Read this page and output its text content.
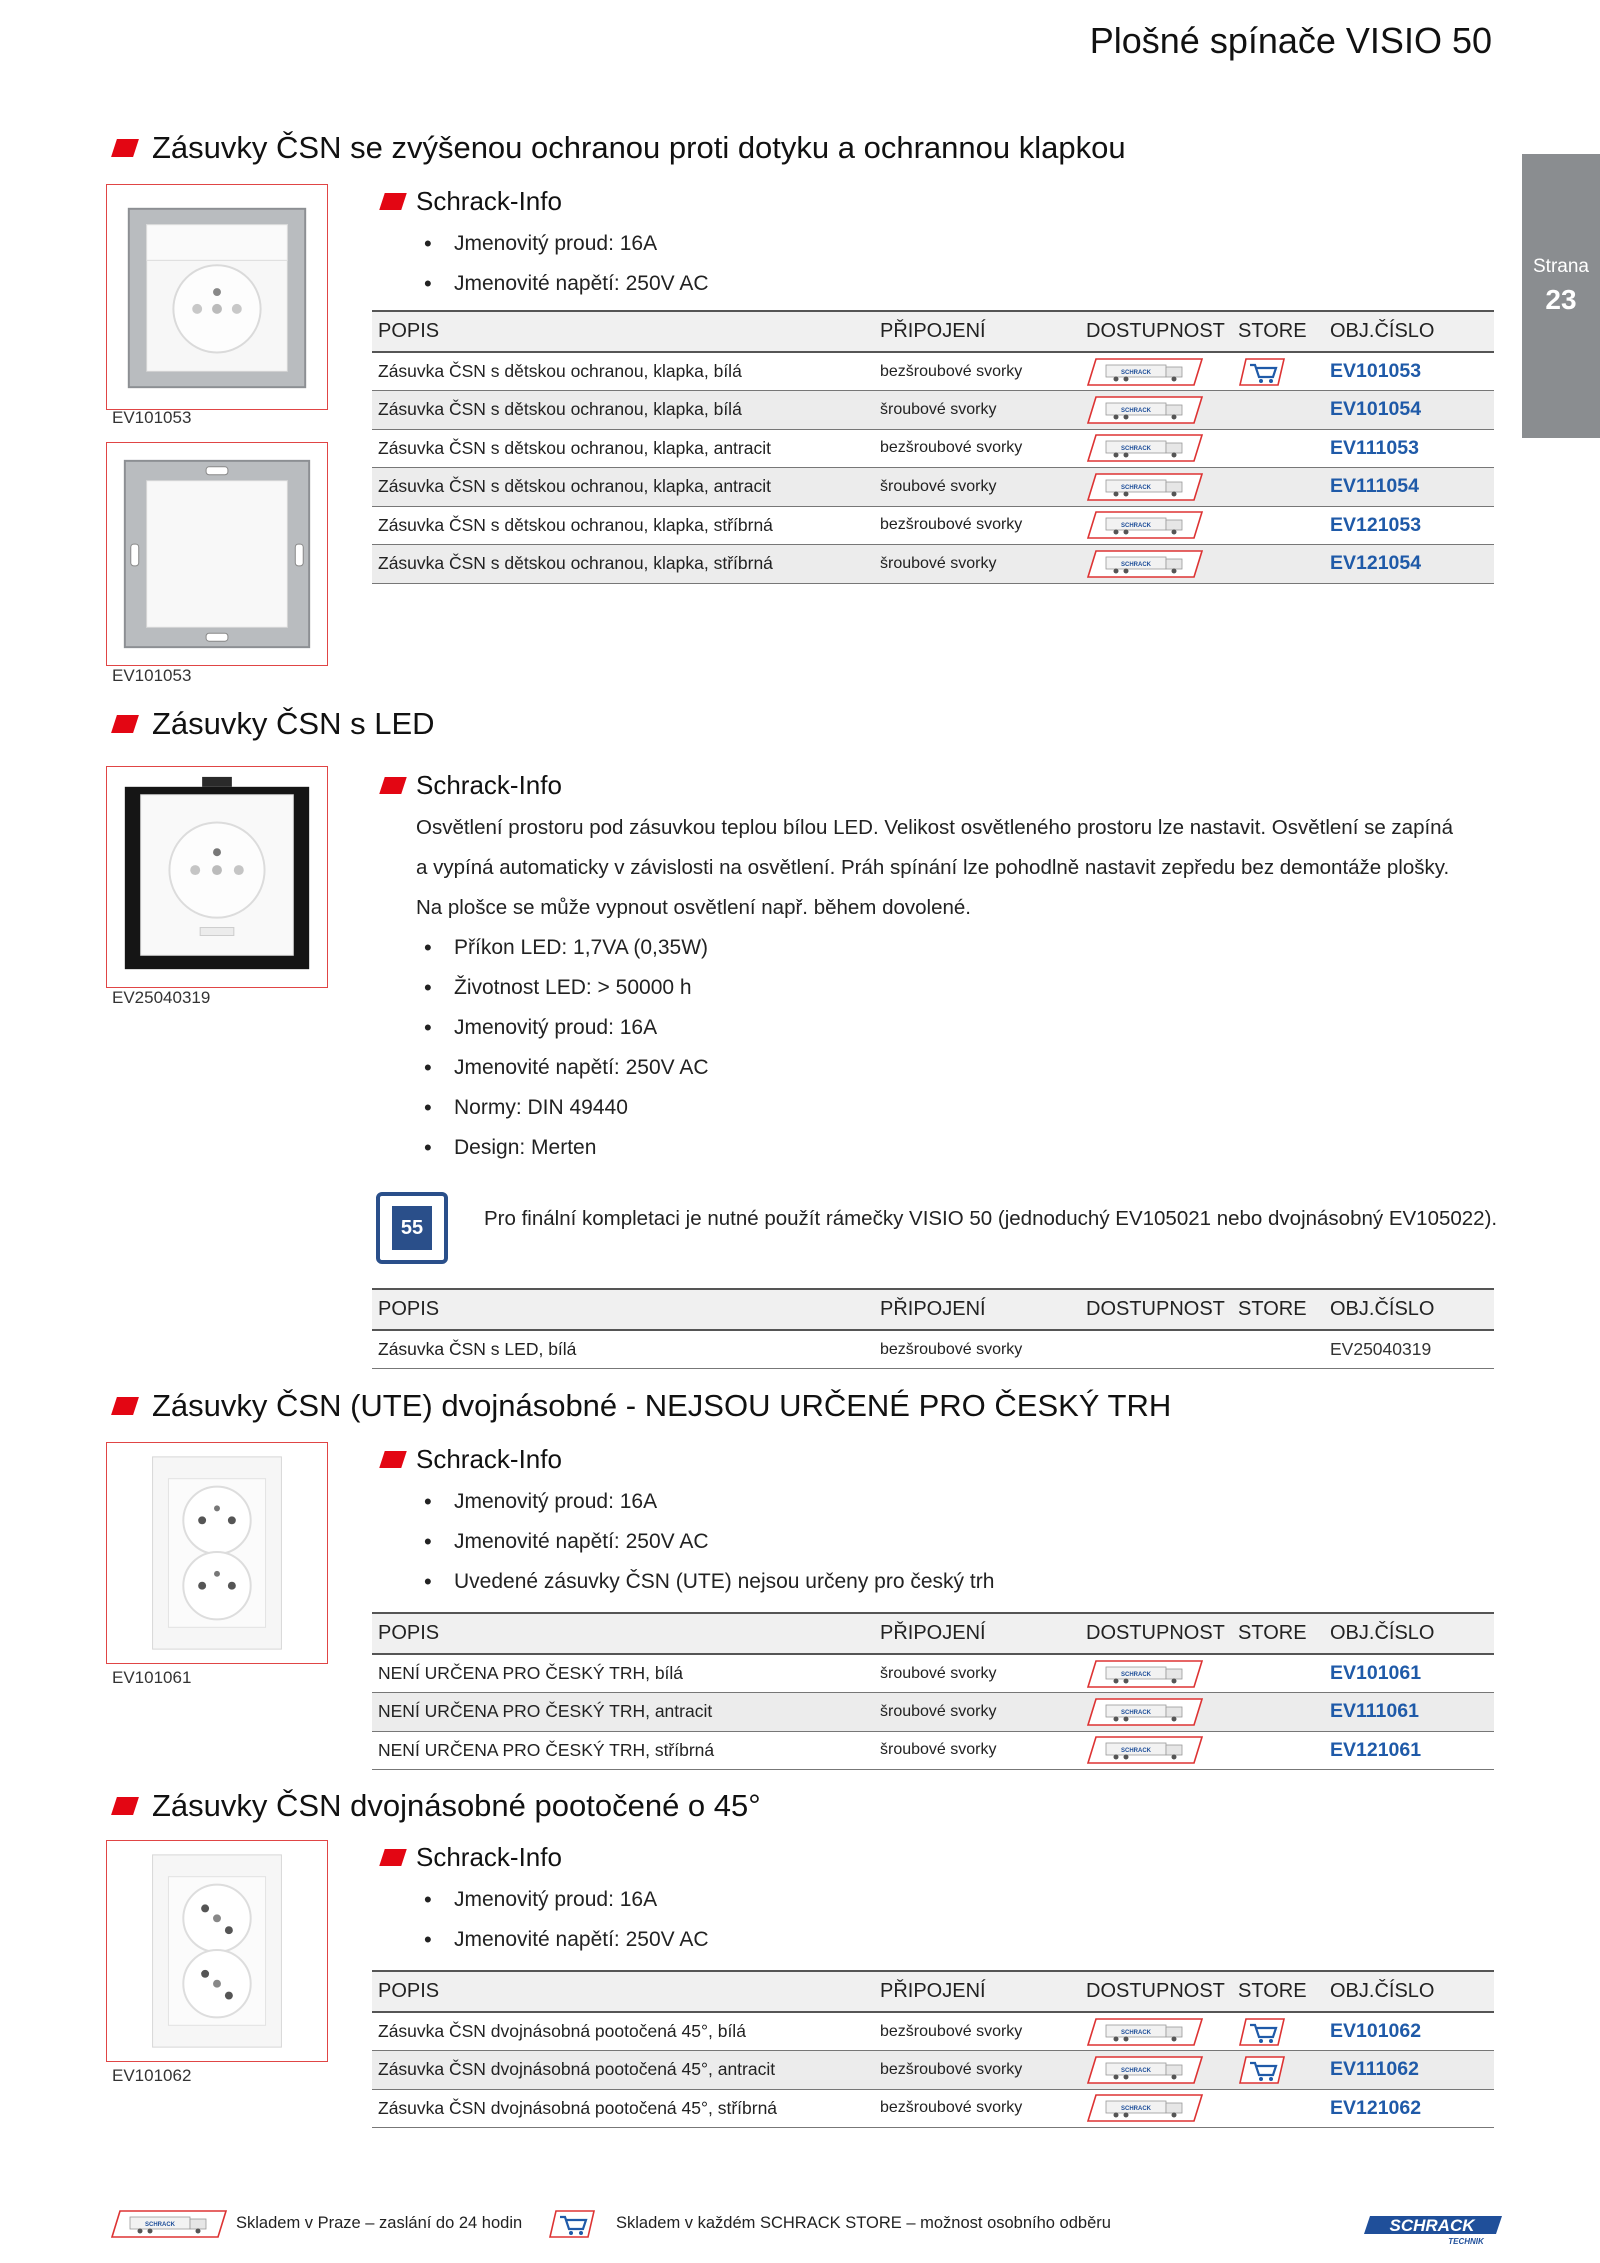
Plošné spínače VISIO 50
Strana
23
Zásuvky ČSN se zvýšenou ochranou proti dotyku a ochrannou klapkou
EV101053
EV101053
Schrack-Info
• Jmenovitý proud: 16A
• Jmenovité napětí: 250V AC
POPIS	PŘIPOJENÍ	DOSTUPNOST	STORE	OBJ.ČÍSLO
Zásuvka ČSN s dětskou ochranou, klapka, bílá	bezšroubové svorky	SCHRACK		EV101053
Zásuvka ČSN s dětskou ochranou, klapka, bílá	šroubové svorky	SCHRACK		EV101054
Zásuvka ČSN s dětskou ochranou, klapka, antracit	bezšroubové svorky	SCHRACK		EV111053
Zásuvka ČSN s dětskou ochranou, klapka, antracit	šroubové svorky	SCHRACK		EV111054
Zásuvka ČSN s dětskou ochranou, klapka, stříbrná	bezšroubové svorky	SCHRACK		EV121053
Zásuvka ČSN s dětskou ochranou, klapka, stříbrná	šroubové svorky	SCHRACK		EV121054
Zásuvky ČSN s LED
EV25040319
Schrack-Info
Osvětlení prostoru pod zásuvkou teplou bílou LED. Velikost osvětleného prostoru lze nastavit. Osvětlení se zapíná
a vypíná automaticky v závislosti na osvětlení. Práh spínání lze pohodlně nastavit zepředu bez demontáže plošky.
Na plošce se může vypnout osvětlení např. během dovolené.
• Příkon LED: 1,7VA (0,35W)
• Životnost LED: > 50000 h
• Jmenovitý proud: 16A
• Jmenovité napětí: 250V AC
• Normy: DIN 49440
• Design: Merten
55	Pro finální kompletaci je nutné použít rámečky VISIO 50 (jednoduchý EV105021 nebo dvojnásobný EV105022).
POPIS	PŘIPOJENÍ	DOSTUPNOST	STORE	OBJ.ČÍSLO
Zásuvka ČSN s LED, bílá	bezšroubové svorky			EV25040319
Zásuvky ČSN (UTE) dvojnásobné - NEJSOU URČENÉ PRO ČESKÝ TRH
EV101061
Schrack-Info
• Jmenovitý proud: 16A
• Jmenovité napětí: 250V AC
• Uvedené zásuvky ČSN (UTE) nejsou určeny pro český trh
POPIS	PŘIPOJENÍ	DOSTUPNOST	STORE	OBJ.ČÍSLO
NENÍ URČENA PRO ČESKÝ TRH, bílá	šroubové svorky	SCHRACK		EV101061
NENÍ URČENA PRO ČESKÝ TRH, antracit	šroubové svorky	SCHRACK		EV111061
NENÍ URČENA PRO ČESKÝ TRH, stříbrná	šroubové svorky	SCHRACK		EV121061
Zásuvky ČSN dvojnásobné pootočené o 45°
EV101062
Schrack-Info
• Jmenovitý proud: 16A
• Jmenovité napětí: 250V AC
POPIS	PŘIPOJENÍ	DOSTUPNOST	STORE	OBJ.ČÍSLO
Zásuvka ČSN dvojnásobná pootočená 45°, bílá	bezšroubové svorky	SCHRACK		EV101062
Zásuvka ČSN dvojnásobná pootočená 45°, antracit	bezšroubové svorky	SCHRACK		EV111062
Zásuvka ČSN dvojnásobná pootočená 45°, stříbrná	bezšroubové svorky	SCHRACK		EV121062
SCHRACK	Skladem v Praze – zaslání do 24 hodin	Skladem v každém SCHRACK STORE – možnost osobního odběru	SCHRACK
TECHNIK
